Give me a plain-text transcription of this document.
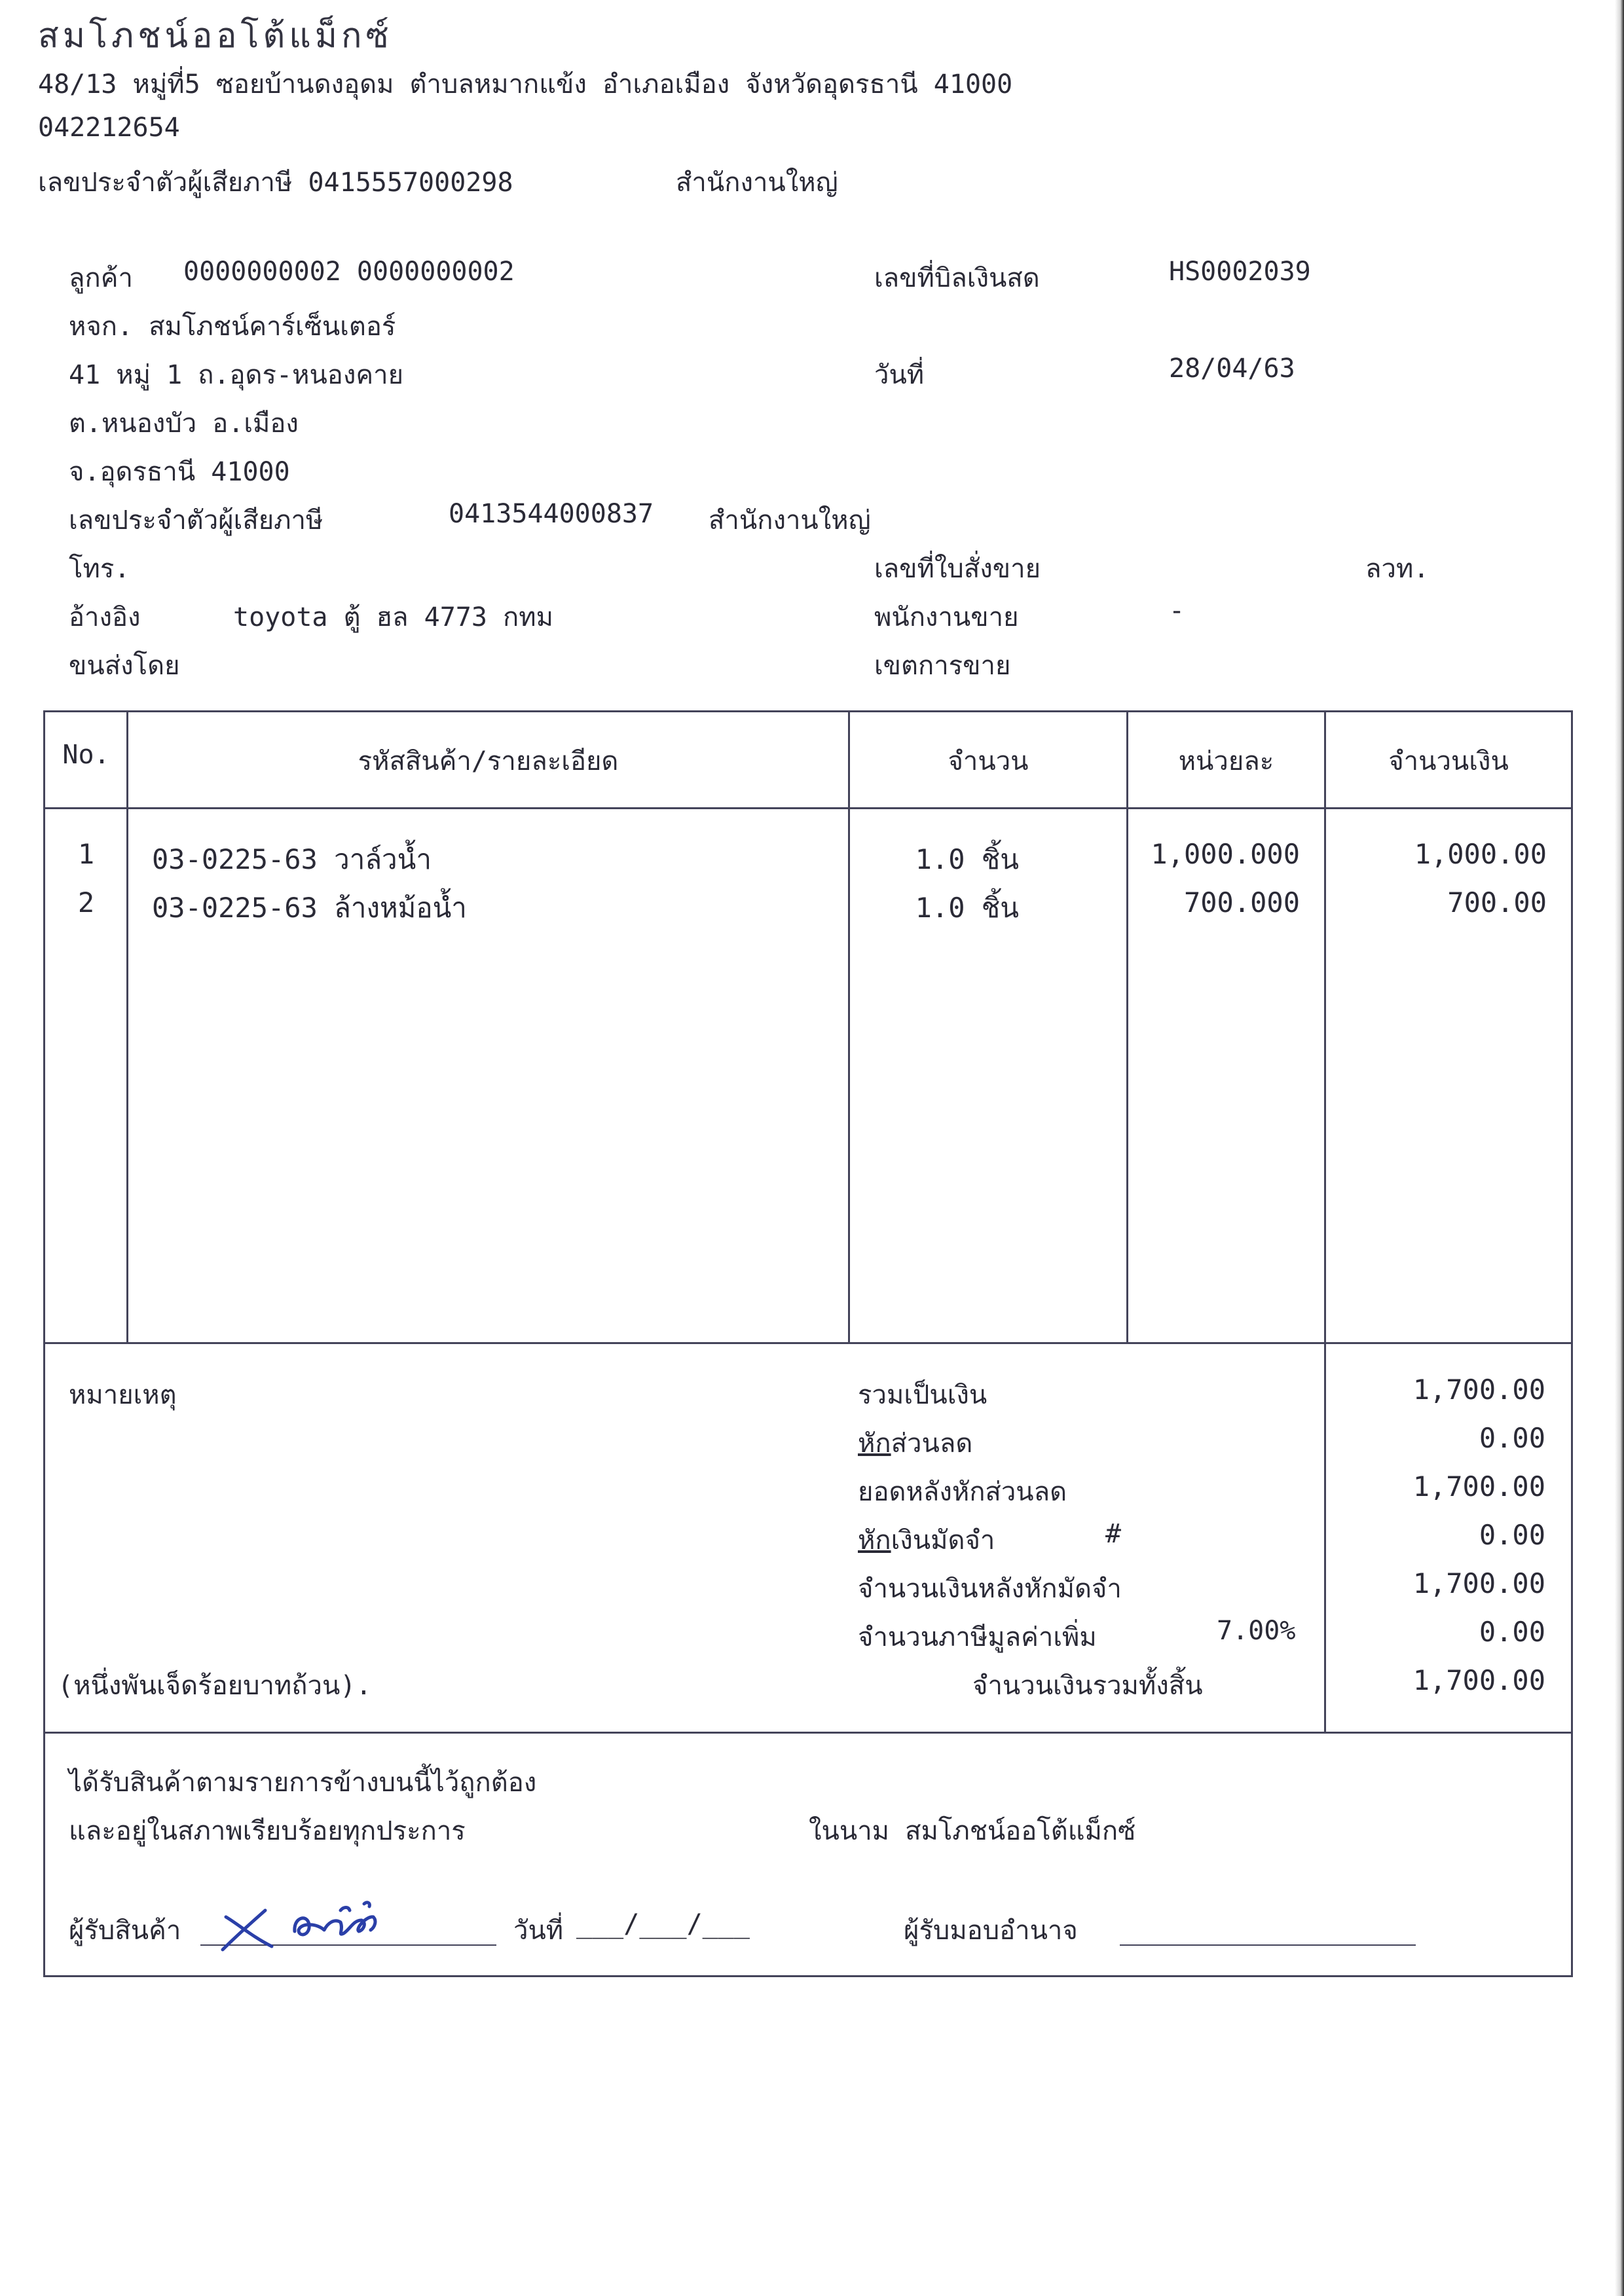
สมโภชน์ออโต้แม็กซ์
48/13 หมู่ที่5 ซอยบ้านดงอุดม ตำบลหมากแข้ง อำเภอเมือง จังหวัดอุดรธานี 41000
042212654
เลขประจำตัวผู้เสียภาษี 0415557000298	สำนักงานใหญ่
ลูกค้า 0000000002 0000000002
หจก. สมโภชน์คาร์เซ็นเตอร์
41 หมู่ 1 ถ.อุดร-หนองคาย
ต.หนองบัว อ.เมือง
จ.อุดรธานี 41000
เลขประจำตัวผู้เสียภาษี	0413544000837 สำนักงานใหญ่
โทร.
อ้างอิง	toyota ตู้ ฮล 4773 กทม
ขนส่งโดย
เลขที่บิลเงินสด	HS0002039
วันที่	28/04/63
เลขที่ใบสั่งขาย	ลวท.
พนักงานขาย	-
เขตการขาย
No.	รหัสสินค้า/รายละเอียด	จำนวน	หน่วยละ	จำนวนเงิน
1	03-0225-63 วาล์วน้ำ	1.0 ชิ้น	1,000.000	1,000.00
2	03-0225-63 ล้างหม้อน้ำ	1.0 ชิ้น	700.000	700.00
หมายเหตุ	รวมเป็นเงิน	1,700.00
หักส่วนลด	0.00
ยอดหลังหักส่วนลด	1,700.00
หักเงินมัดจำ	#	0.00
จำนวนเงินหลังหักมัดจำ	1,700.00
จำนวนภาษีมูลค่าเพิ่ม	7.00%	0.00
(หนึ่งพันเจ็ดร้อยบาทถ้วน).	จำนวนเงินรวมทั้งสิ้น	1,700.00
ได้รับสินค้าตามรายการข้างบนนี้ไว้ถูกต้อง
และอยู่ในสภาพเรียบร้อยทุกประการ	ในนาม สมโภชน์ออโต้แม็กซ์
ผู้รับสินค้า	วันที่ ___/___/___	ผู้รับมอบอำนาจ
